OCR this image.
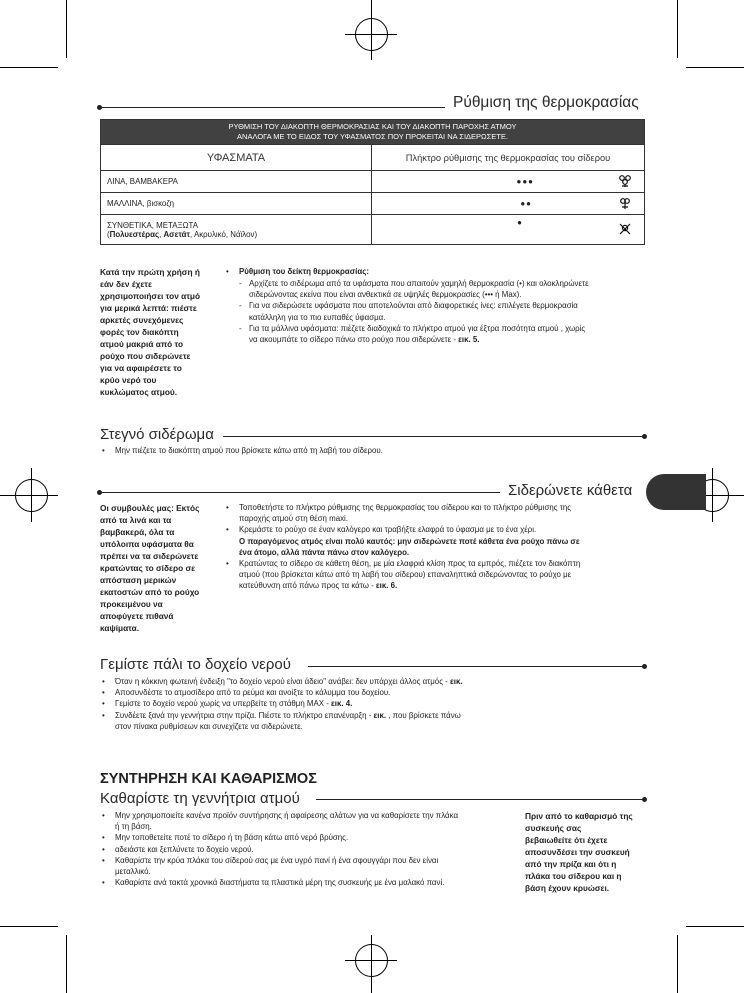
Ρύθμιση της θερμοκρασίας
ΡΥΘΜΙΣΗ ΤΟΥ ΔΙΑΚΟΠΤΗ ΘΕΡΜΟΚΡΑΣΙΑΣ ΚΑΙ ΤΟΥ ΔΙΑΚΟΠΤΗ ΠΑΡΟΧΗΣ ΑΤΜΟΥ
ΑΝΑΛΟΓΑ ΜΕ ΤΟ ΕΙΔΟΣ ΤΟΥ ΥΦΑΣΜΑΤΟΣ ΠΟΥ ΠΡΟΚΕΙΤΑΙ ΝΑ ΣΙΔΕΡΩΣΕΤΕ.		

ΥΦΑΣΜΑΤΑ	Πλήκτρο ρύθμισης της θερμοκρασίας του σίδερου	
ΛΙΝΑ, ΒΑΜΒΑΚΕΡΑ	●●●	
ΜΑΛΛΙΝΑ, βισκοζη	●●	

ΣΥΝΘΕΤΙΚΑ, ΜΕΤΑΞΩΤΑ
(Πολυεστέρας, Ασετάτ, Ακρυλικό, Νάϊλον)	●	
Κατά την πρώτη χρήση ή
εάν δεν έχετε
χρησιμοποιήσει τον ατμό
για μερικά λεπτά: πιέστε
αρκετές συνεχόμενες
φορές τον διακόπτη
ατμού μακριά από το
ρούχο που σιδερώνετε
για να αφαιρέσετε το
κρύο νερό του
κυκλώματος ατμού.
• Ρύθμιση του δείκτη θερμοκρασίας:
- Αρχίζετε το σιδέρωμα από τα υφάσματα που απαιτούν χαμηλή θερμοκρασία (•) και ολοκληρώνετε
σιδερώνοντας εκείνα που είναι ανθεκτικά σε υψηλές θερμοκρασίες (••• ή Max).
- Για να σιδερώσετε υφάσματα που αποτελούνται από διαφορετικές ίνες: επιλέγετε θερμοκρασία
κατάλληλη για το πιο ευπαθές ύφασμα.
- Για τα μάλλινα υφάσματα: πιέζετε διαδοχικά το πλήκτρο ατμού για έξτρα ποσότητα ατμού , χωρίς
να ακουμπάτε το σίδερο πάνω στο ρούχο που σιδερώνετε - εικ. 5.
Στεγνό σιδέρωμα
• Μην πιέζετε το διακόπτη ατμού που βρίσκετε κάτω από τη λαβή του σίδερου.
Σιδερώνετε κάθετα
Οι συμβουλές μας: Εκτός
από τα λινά και τα
βαμβακερά, όλα τα
υπόλοιπα υφάσματα θα
πρέπει να τα σιδερώνετε
κρατώντας το σίδερο σε
απόσταση μερικών
εκατοστών από το ρούχο
προκειμένου να
αποφύγετε πιθανά
καψίματα.
• Τοποθετήστε το πλήκτρο ρύθμισης της θερμοκρασίας του σίδερου και το πλήκτρο ρύθμισης της
παροχής ατμού στη θέση maxi.
• Κρεμάστε το ρούχο σε έναν καλόγερο και τραβήξτε ελαφρά το ύφασμα με το ένα χέρι.
Ο παραγόμενος ατμός είναι πολύ καυτός: μην σιδερώνετε ποτέ κάθετα ένα ρούχο πάνω σε
ένα άτομο, αλλά πάντα πάνω στον καλόγερο.
• Κρατώντας το σίδερο σε κάθετη θέση, με μία ελαφριά κλίση προς τα εμπρός, πιέζετε τον διακόπτη
ατμού (που βρίσκεται κάτω από τη λαβή του σίδερου) επαναληπτικά σιδερώνοντας το ρούχο με
κατεύθυνση από πάνω προς τα κάτω - εικ. 6.
Γεμίστε πάλι το δοχείο νερού
• Όταν η κόκκινη φωτεινή ένδειξη "το δοχείο νερού είναι άδειο" ανάβει: δεν υπάρχει άλλος ατμός - εικ.
• Αποσυνδέστε το ατμοσίδερο από το ρεύμα και ανοίξτε το κάλυμμα του δοχείου.
• Γεμίστε το δοχείο νερού χωρίς να υπερβείτε τη στάθμη MAX - εικ. 4.
• Συνδέετε ξανά την γεννήτρια στην πρίζα. Πιέστε το πλήκτρο επανέναρξη - εικ. , που βρίσκετε πάνω
στον πίνακα ρυθμίσεων και συνεχίζετε να σιδερώνετε.
ΣΥΝΤΗΡΗΣΗ ΚΑΙ ΚΑΘΑΡΙΣΜΟΣ
Καθαρίστε τη γεννήτρια ατμού
• Μην χρησιμοποιείτε κανένα προϊόν συντήρησης ή αφαίρεσης αλάτων για να καθαρίσετε την πλάκα
ή τη βάση.
• Μην τοποθετείτε ποτέ το σίδερο ή τη βάση κάτω από νερό βρύσης.
• αδειάστε και ξεπλύνετε το δοχείο νερού.
• Καθαρίστε την κρύα πλάκα του σίδερού σας με ένα υγρό πανί ή ένα σφουγγάρι που δεν είναι
μεταλλικό.
• Καθαρίστε ανά τακτά χρονικά διαστήματα τα πλαστικά μέρη της συσκευής με ένα μαλακό πανί.
Πριν από το καθαρισμό της
συσκευής σας
βεβαιωθείτε ότι έχετε
αποσυνδέσει την συσκευή
από την πρίζα και ότι η
πλάκα του σίδερου και η
βάση έχουν κρυώσει.
